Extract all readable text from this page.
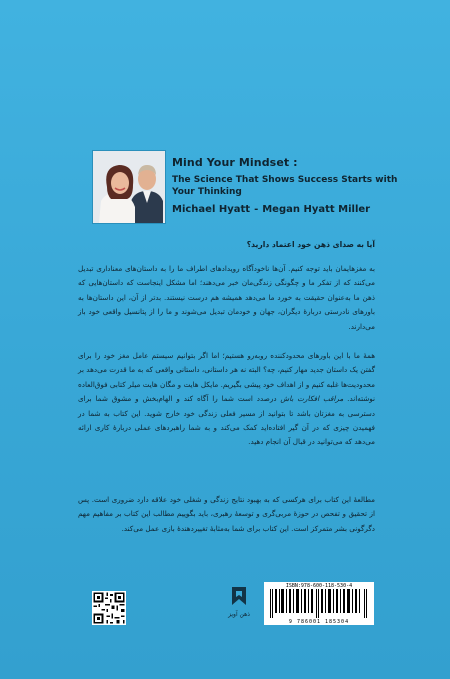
Mind Your Mindset :
The Science That Shows Success Starts with Your Thinking
Michael Hyatt - Megan Hyatt Miller
آیا به صدای ذهن خود اعتماد دارید؟
به مغزهایمان باید توجه کنیم. آن‌ها ناخودآگاه رویدادهای اطراف ما را به داستان‌های معناداری تبدیل می‌کنند که از تفکر ما و چگونگی زندگی‌مان خبر می‌دهند؛ اما مشکل اینجاست که داستان‌هایی که ذهن ما به‌عنوان حقیقت به خورد ما می‌دهد همیشه هم درست نیستند. بدتر از آن، این داستان‌ها به باورهای نادرستی دربارهٔ دیگران، جهان و خودمان تبدیل می‌شوند و ما را از پتانسیل واقعی خود باز می‌دارند.
همهٔ ما با این باورهای محدودکننده روبه‌رو هستیم؛ اما اگر بتوانیم سیستم عامل مغز خود را برای گفتن یک داستان جدید مهار کنیم، چه؟ البته نه هر داستانی، داستانی واقعی که به ما قدرت می‌دهد بر محدودیت‌ها غلبه کنیم و از اهداف خود پیشی بگیریم. مایکل هایت و مگان هایت میلر کتابی فوق‌العاده نوشته‌اند. مراقب افکارت باش درصدد است شما را آگاه کند و الهام‌بخش و مشوق شما برای دسترسی به مغزتان باشد تا بتوانید از مسیر فعلی زندگی خود خارج شوید. این کتاب به شما در فهمیدن چیزی که در آن گیر افتاده‌اید کمک می‌کند و به شما راهبردهای عملی دربارهٔ کاری ارائه می‌دهد که می‌توانید در قبال آن انجام دهید.
مطالعهٔ این کتاب برای هرکسی که به بهبود نتایج زندگی و شغلی خود علاقه دارد ضروری است. پس از تحقیق و تفحص در حوزهٔ مربی‌گری و توسعهٔ رهبری، باید بگوییم مطالب این کتاب بر مفاهیم مهم دگرگونی بشر متمرکز است. این کتاب برای شما به‌مثابهٔ تغییردهندهٔ بازی عمل می‌کند.
ISBN:978-600-118-530-4
9 786001 185304
ذهن آویز
